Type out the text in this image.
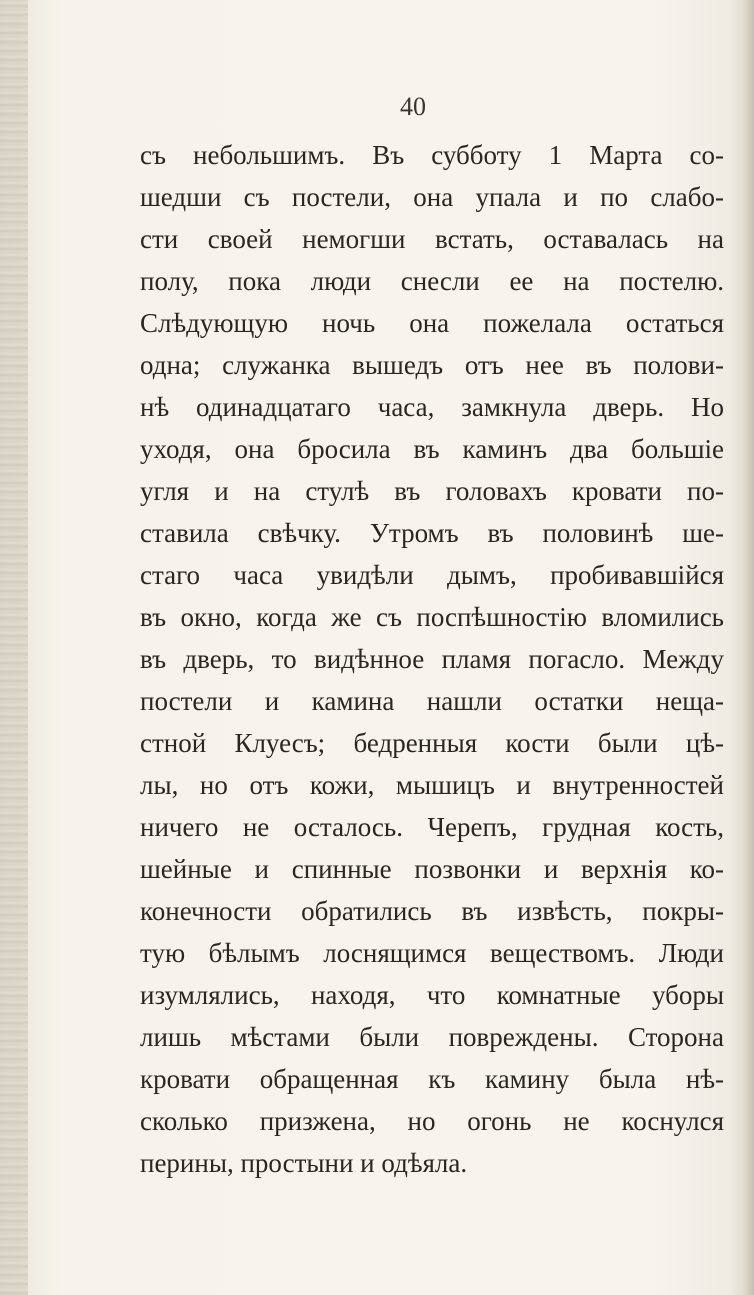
40
съ небольшимъ. Въ субботу 1 Марта со-
шедши съ постели, она упала и по слабо-
сти своей немогши встать, оставалась на
полу, пока люди снесли ее на постелю.
Слѣдующую ночь она пожелала остаться
одна; служанка вышедъ отъ нее въ полови-
нѣ одинадцатаго часа, замкнула дверь. Но
уходя, она бросила въ каминъ два большіе
угля и на стулѣ въ головахъ кровати по-
ставила свѣчку. Утромъ въ половинѣ ше-
стаго часа увидѣли дымъ, пробивавшійся
въ окно, когда же съ поспѣшностію вломились
въ дверь, то видѣнное пламя погасло. Между
постели и камина нашли остатки неща-
стной Клуесъ; бедренныя кости были цѣ-
лы, но отъ кожи, мышицъ и внутренностей
ничего не осталось. Черепъ, грудная кость,
шейные и спинные позвонки и верхнія ко-
конечности обратились въ извѣсть, покры-
тую бѣлымъ лоснящимся веществомъ. Люди
изумлялись, находя, что комнатные уборы
лишь мѣстами были повреждены. Сторона
кровати обращенная къ камину была нѣ-
сколько призжена, но огонь не коснулся
перины, простыни и одѣяла.
